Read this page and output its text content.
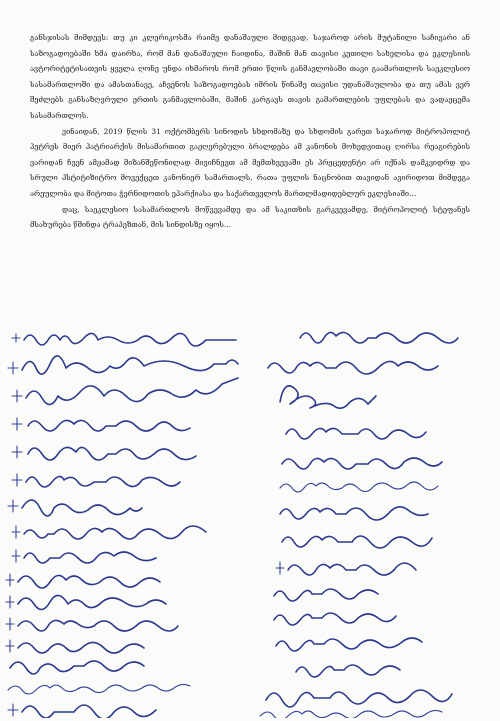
განსჯისას მიმდევს: თუ კი კლერიკოსმა რაიმე დანაშაული მიდგვად, საჯაროდ არის მუტანილი საჩივარი ან საზოგადოებაში ხმა დაირხა, რომ მან დანაშაული ჩაიდინა, მაშინ მან თავისი კეთილი სახელისა და ეკლესიის ავტორიტეტისათვის ყველა ღონე უნდა იხმაროს რომ ერთი წლის განმავლობაში თავი გაამართლოს საეკლესიო სასამართლოში და ამასთანავე, აჩვენოს საზოგადოებას იმრის წინაშე თავისი უდანაშაულობა და თუ ამას ვერ შეძლებს განსაზღვრული ერთის განმავლობაში, მაშინ კარგავს თავის გამართლების უფლებას და ვადაეცემა სასამართლოს.

ვინაიდან, 2019 წლის 31 ოქტომბერს სინოდის სხდომაზე და სხდომის გარეთ საჯაროდ მიტროპოლიტ პეტრეს მიერ პატრიარქის მისამართით გაჟღერებული ბრალდება ამ კანონის მოხედვითაც ღირსა რეაგირების ვარიდან ჩვენ ამჟამად მიზანშეწონილად მივიჩნევთ ამ მემთხვევაში ეს პრეცედენტი არ იქნას დამკვიდრდ და სრული ჰსტიტიზიტრო მოვექცეთ კანონიერ სამართალს, რათა უფლის ნაცნობით თავიდან ავირიდოთ მიმდეგა არეულობა და მიტოთა ჭერნიდოთის ეპარქიასა და საქართველოს მართლმადიდებლურ ეკლესიაში…

დაც, საეკლესიო სასამართლოს მოწვევამდე და ამ საკითხის გარკვევამდე, მიტროპოლიტ სტეფანეს მსახურება წმინდა ტრაპეზთან, მის სინდისზე იყოს…
